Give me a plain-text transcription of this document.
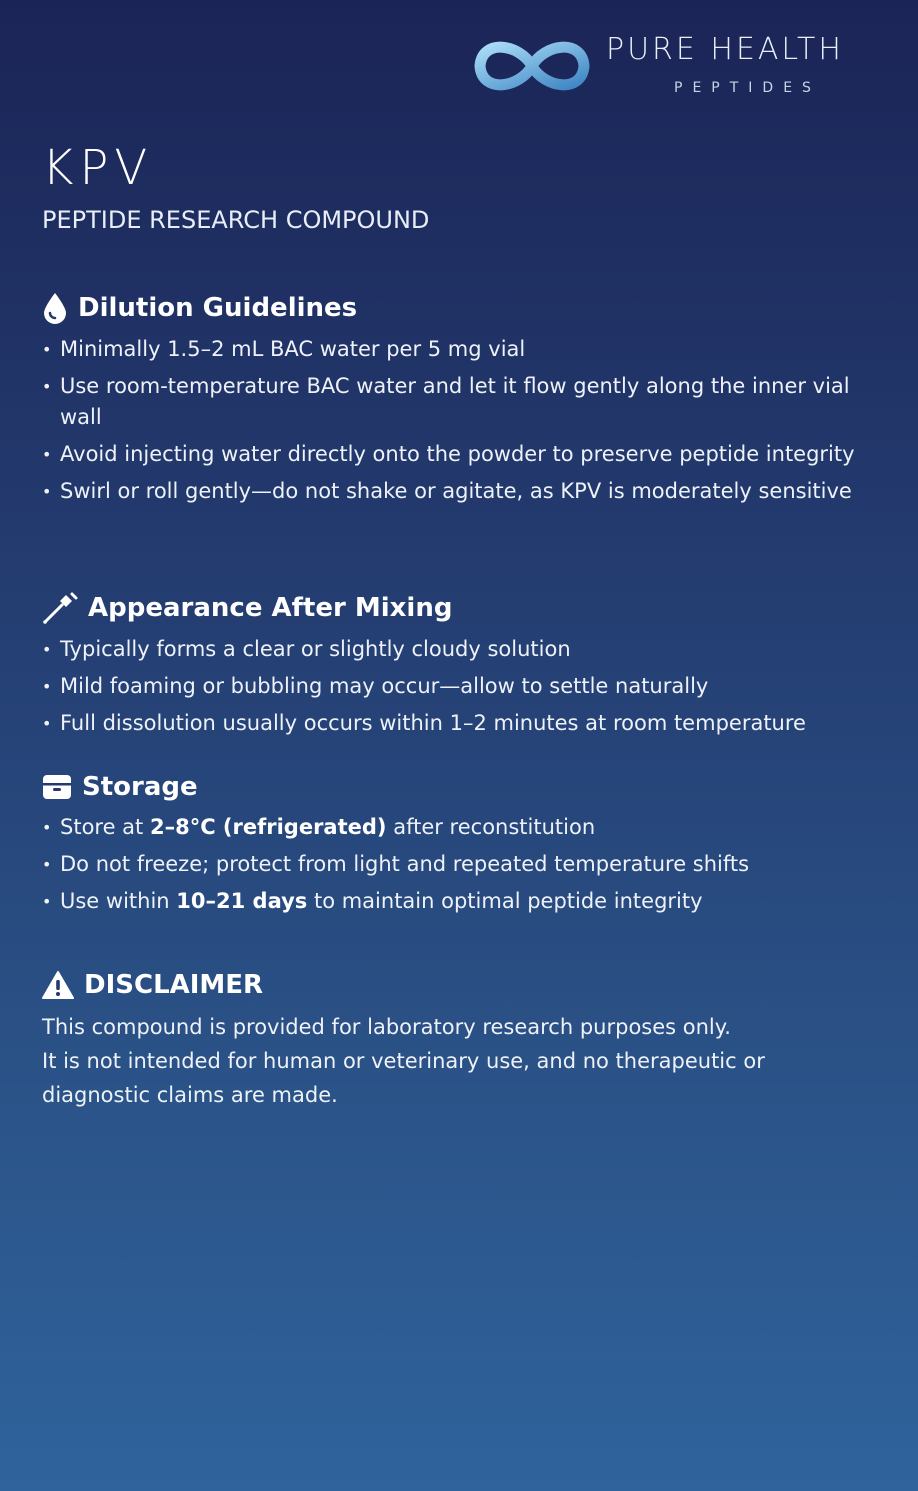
PURE HEALTH
PEPTIDES
KPV
PEPTIDE RESEARCH COMPOUND
Dilution Guidelines
• Minimally 1.5–2 mL BAC water per 5 mg vial
• Use room-temperature BAC water and let it flow gently along the inner vial wall
• Avoid injecting water directly onto the powder to preserve peptide integrity
• Swirl or roll gently—do not shake or agitate, as KPV is moderately sensitive
Appearance After Mixing
• Typically forms a clear or slightly cloudy solution
• Mild foaming or bubbling may occur—allow to settle naturally
• Full dissolution usually occurs within 1–2 minutes at room temperature
Storage
• Store at 2–8°C (refrigerated) after reconstitution
• Do not freeze; protect from light and repeated temperature shifts
• Use within 10–21 days to maintain optimal peptide integrity
DISCLAIMER

This compound is provided for laboratory research purposes only.
It is not intended for human or veterinary use, and no therapeutic or diagnostic claims are made.
